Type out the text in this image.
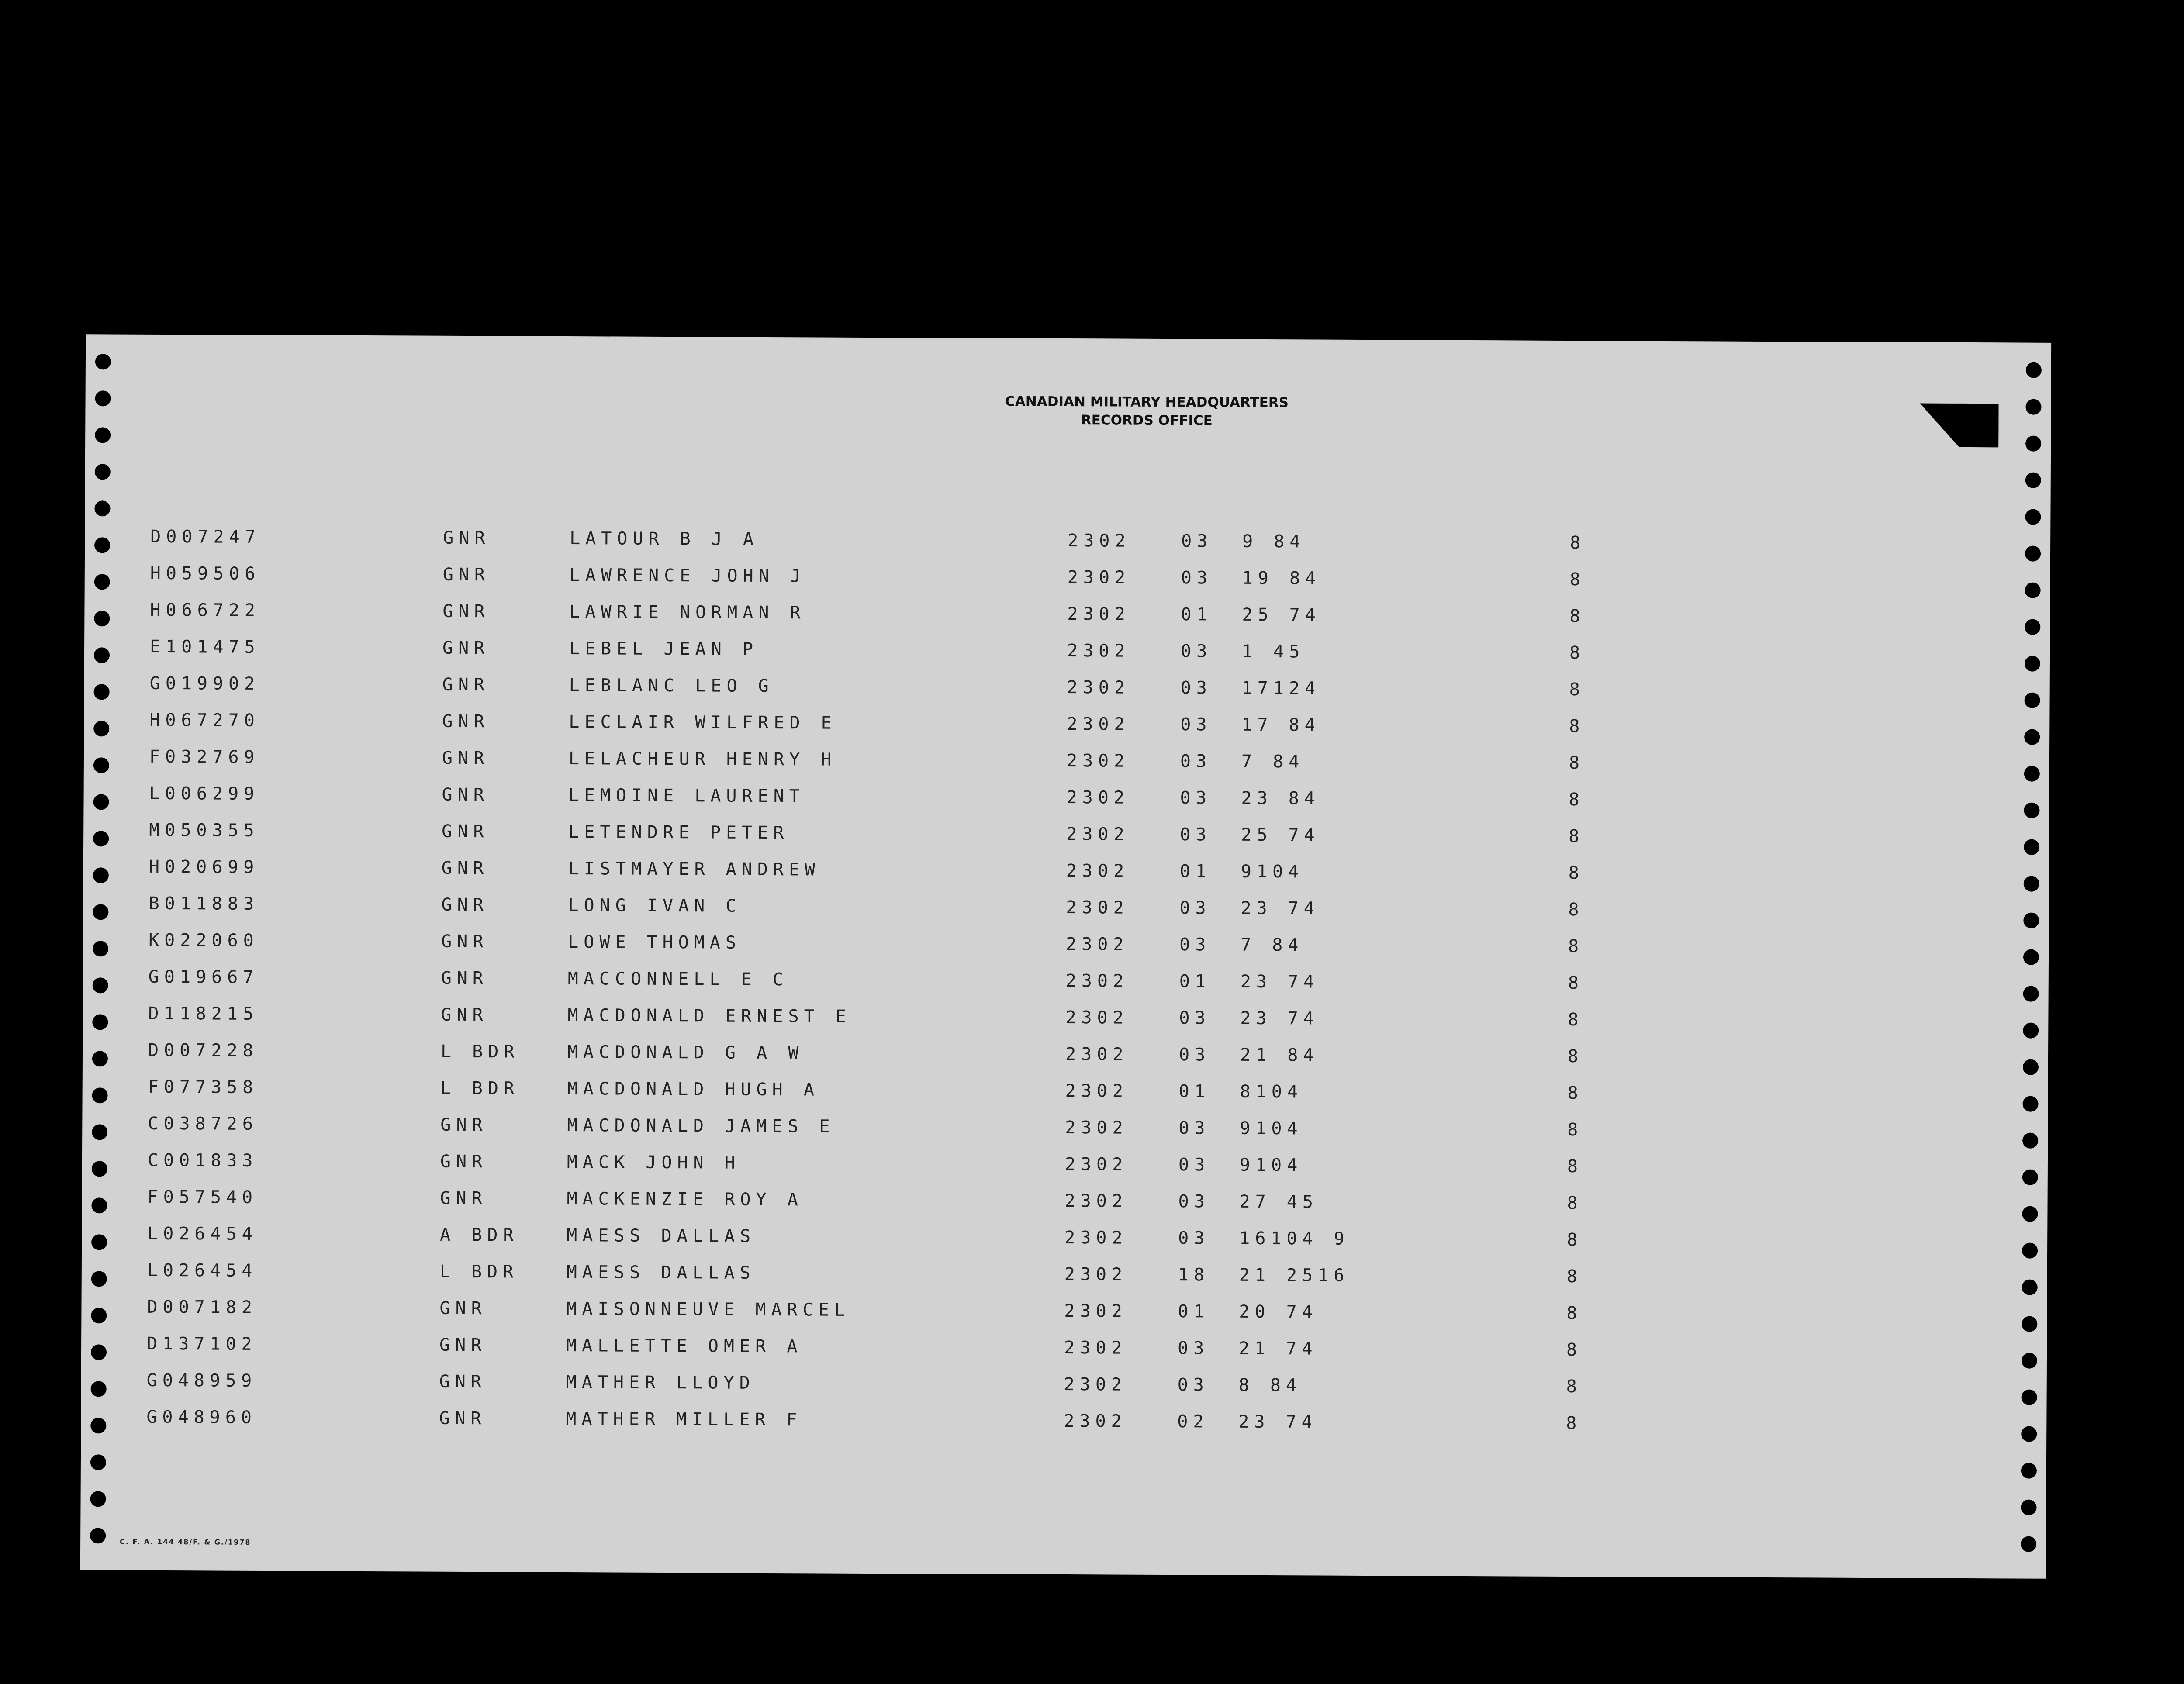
CANADIAN MILITARY HEADQUARTERS
RECORDS OFFICE
D007247	GNR	LATOUR B J A	2302	03 9 84	8
H059506	GNR	LAWRENCE JOHN J	2302	03 19 84	8
H066722	GNR	LAWRIE NORMAN R	2302	01 25 74	8
E101475	GNR	LEBEL JEAN P	2302	03 1 45	8
G019902	GNR	LEBLANC LEO G	2302	03 17124	8
H067270	GNR	LECLAIR WILFRED E	2302	03 17 84	8
F032769	GNR	LELACHEUR HENRY H	2302	03 7 84	8
L006299	GNR	LEMOINE LAURENT	2302	03 23 84	8
M050355	GNR	LETENDRE PETER	2302	03 25 74	8
H020699	GNR	LISTMAYER ANDREW	2302	01 9104	8
B011883	GNR	LONG IVAN C	2302	03 23 74	8
K022060	GNR	LOWE THOMAS	2302	03 7 84	8
G019667	GNR	MACCONNELL E C	2302	01 23 74	8
D118215	GNR	MACDONALD ERNEST E	2302	03 23 74	8
D007228	L BDR	MACDONALD G A W	2302	03 21 84	8
F077358	L BDR	MACDONALD HUGH A	2302	01 8104	8
C038726	GNR	MACDONALD JAMES E	2302	03 9104	8
C001833	GNR	MACK JOHN H	2302	03 9104	8
F057540	GNR	MACKENZIE ROY A	2302	03 27 45	8
L026454	A BDR	MAESS DALLAS	2302	03 16104 9	8
L026454	L BDR	MAESS DALLAS	2302	18 21 2516	8
D007182	GNR	MAISONNEUVE MARCEL	2302	01 20 74	8
D137102	GNR	MALLETTE OMER A	2302	03 21 74	8
G048959	GNR	MATHER LLOYD	2302	03 8 84	8
G048960	GNR	MATHER MILLER F	2302	02 23 74	8
C. F. A. 144 48/F. & G./1978
